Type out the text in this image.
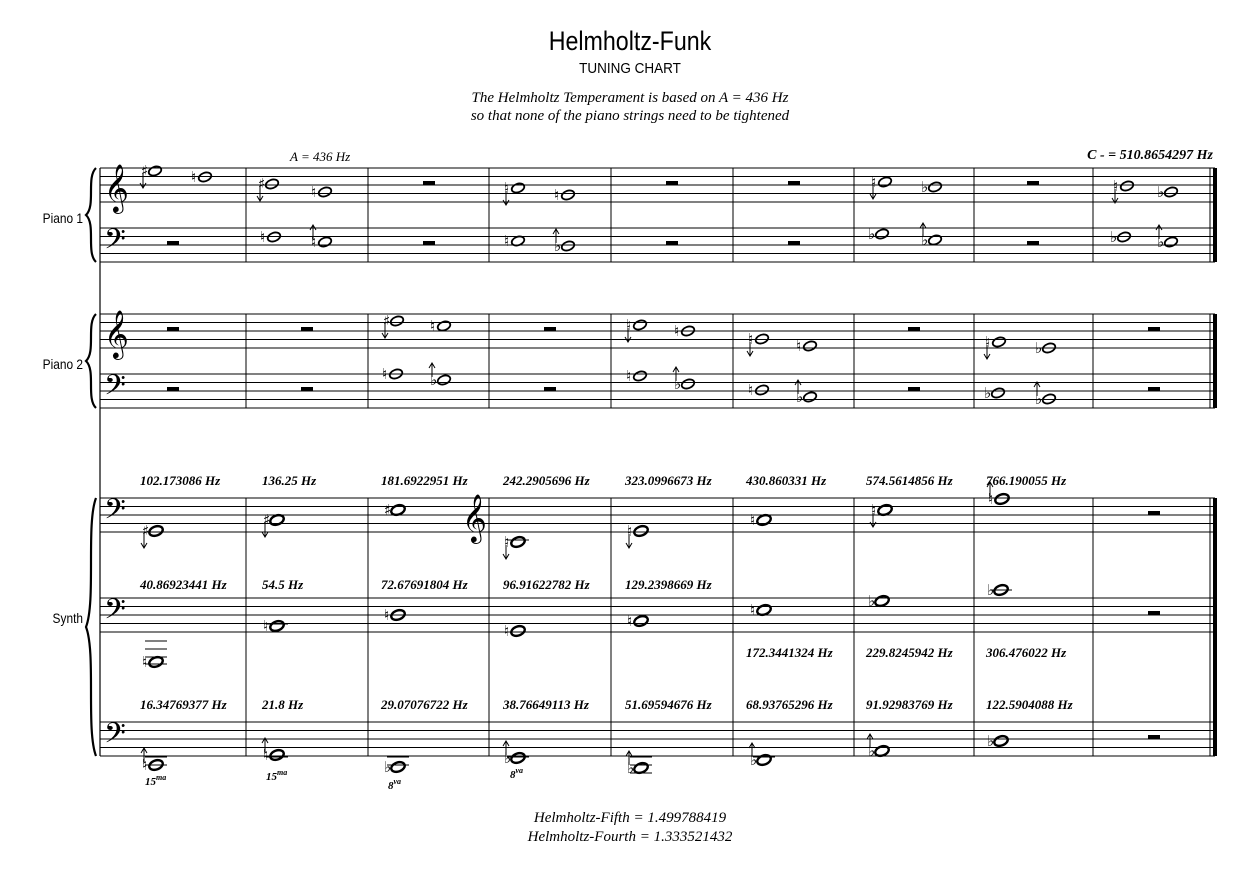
Helmholtz-Funk
TUNING CHART
The Helmholtz Temperament is based on A = 436 Hz
so that none of the piano strings need to be tightened
A = 436 Hz	C - = 510.8654297 Hz
Piano 1
Piano 2
Synth
𝄞
𝄢
𝄞
𝄢
𝄢
𝄢
𝄢
𝄞
♯	♮	♯	♮	♮	♮
♮	♭	♮	♭
♮	♮	♮	♭
♭	♭	♭	♭
♯	♮	♮	♮	♮	♮	♮	♭
♮	♭	♮	♭	♮	♭	♭	♭
♯
♯
♯
♮
♮
♮
♮
♮
♮
♮
♮
♮
♮
♮	♭
♭
♮
♮
♭	♭
♭	♭	♭
♭
102.173086 Hz	136.25 Hz	181.6922951 Hz	242.2905696 Hz	323.0996673 Hz	430.860331 Hz	574.5614856 Hz	766.190055 Hz
40.86923441 Hz	54.5 Hz	72.67691804 Hz	96.91622782 Hz	129.2398669 Hz
172.3441324 Hz	229.8245942 Hz	306.476022 Hz
16.34769377 Hz	21.8 Hz	29.07076722 Hz	38.76649113 Hz	51.69594676 Hz	68.93765296 Hz	91.92983769 Hz	122.5904088 Hz
$15^{ma}$	$15^{ma}$
$8^{va}$
$8^{va}$
Helmholtz-Fifth = 1.499788419
Helmholtz-Fourth = 1.333521432
